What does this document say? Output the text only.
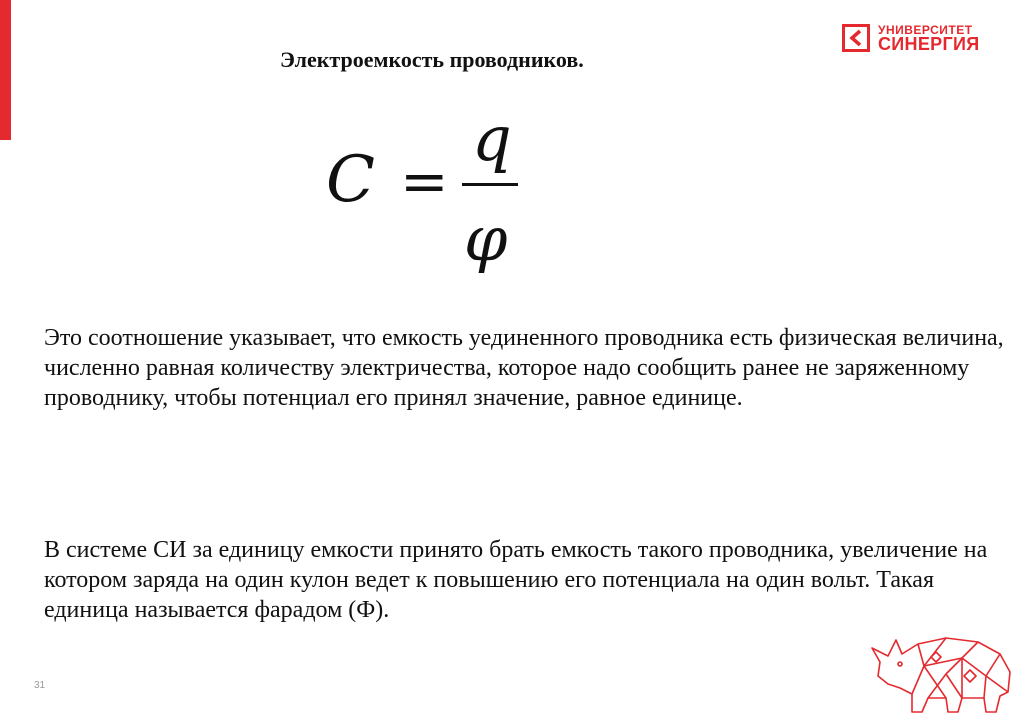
УНИВЕРСИТЕТ
СИНЕРГИЯ
Электроемкость проводников.
C =
q
φ

Это соотношение указывает, что емкость уединенного проводника есть физическая величина, численно равная количеству электричества, которое надо сообщить ранее не заряженному проводнику, чтобы потенциал его принял значение, равное единице.

В системе СИ за единицу емкости принято брать емкость такого проводника, увеличение на котором заряда на один кулон ведет к повышению его потенциала на один вольт. Такая единица называется фарадом (Ф).

31
